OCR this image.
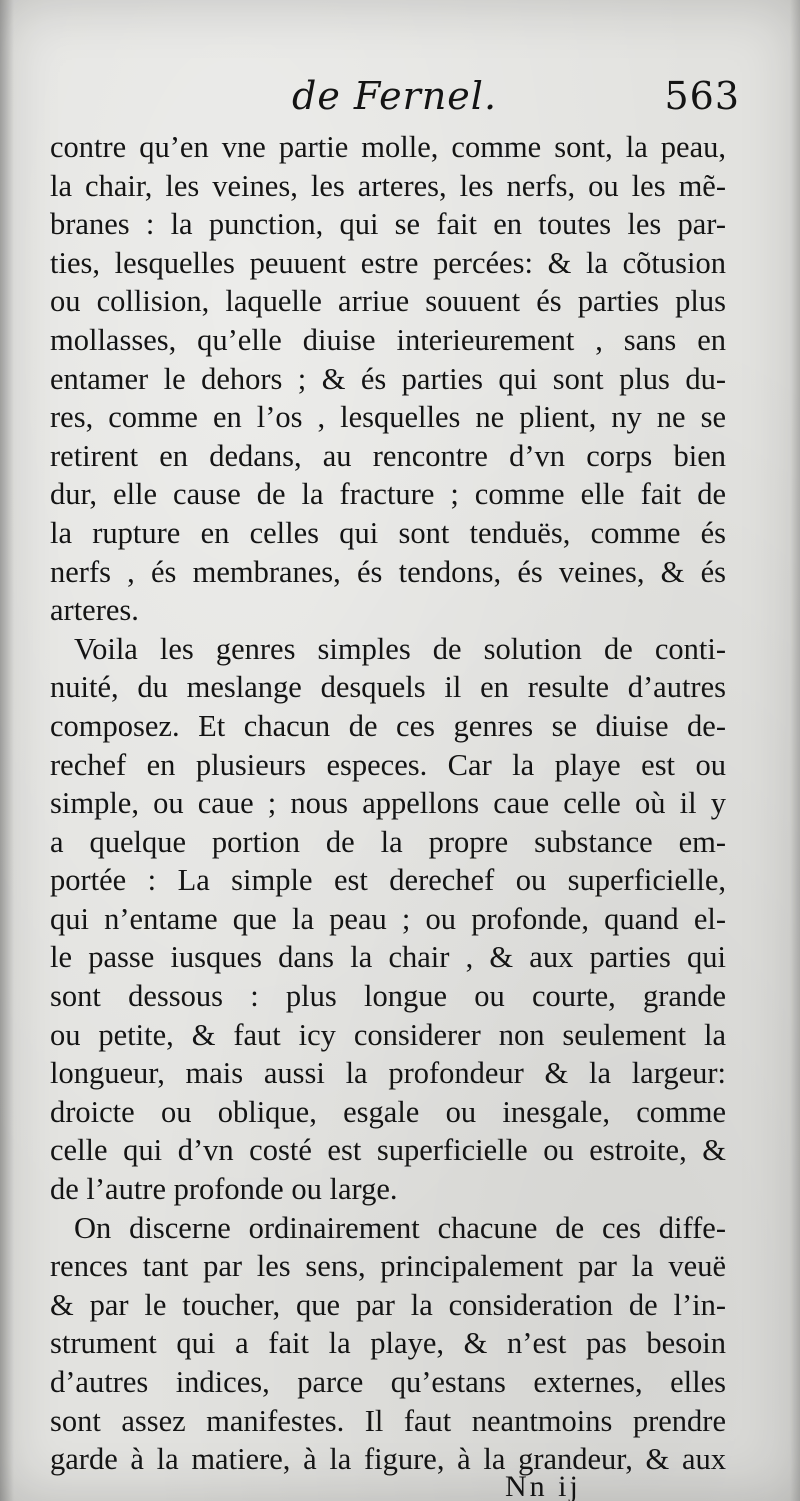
de Fernel.	563
contre qu’en vne partie molle, comme sont, la peau,
la chair, les veines, les arteres, les nerfs, ou les mẽ-
branes : la punction, qui se fait en toutes les par-
ties, lesquelles peuuent estre percées: & la cõtusion
ou collision, laquelle arriue souuent és parties plus
mollasses, qu’elle diuise interieurement , sans en
entamer le dehors ; & és parties qui sont plus du-
res, comme en l’os , lesquelles ne plient, ny ne se
retirent en dedans, au rencontre d’vn corps bien
dur, elle cause de la fracture ; comme elle fait de
la rupture en celles qui sont tenduës, comme és
nerfs , és membranes, és tendons, és veines, & és
arteres.
Voila les genres simples de solution de conti-
nuité, du meslange desquels il en resulte d’autres
composez. Et chacun de ces genres se diuise de-
rechef en plusieurs especes. Car la playe est ou
simple, ou caue ; nous appellons caue celle où il y
a quelque portion de la propre substance em-
portée : La simple est derechef ou superficielle,
qui n’entame que la peau ; ou profonde, quand el-
le passe iusques dans la chair , & aux parties qui
sont dessous : plus longue ou courte, grande
ou petite, & faut icy considerer non seulement la
longueur, mais aussi la profondeur & la largeur:
droicte ou oblique, esgale ou inesgale, comme
celle qui d’vn costé est superficielle ou estroite, &
de l’autre profonde ou large.
On discerne ordinairement chacune de ces diffe-
rences tant par les sens, principalement par la veuë
& par le toucher, que par la consideration de l’in-
strument qui a fait la playe, & n’est pas besoin
d’autres indices, parce qu’estans externes, elles
sont assez manifestes. Il faut neantmoins prendre
garde à la matiere, à la figure, à la grandeur, & aux
Nn ij
